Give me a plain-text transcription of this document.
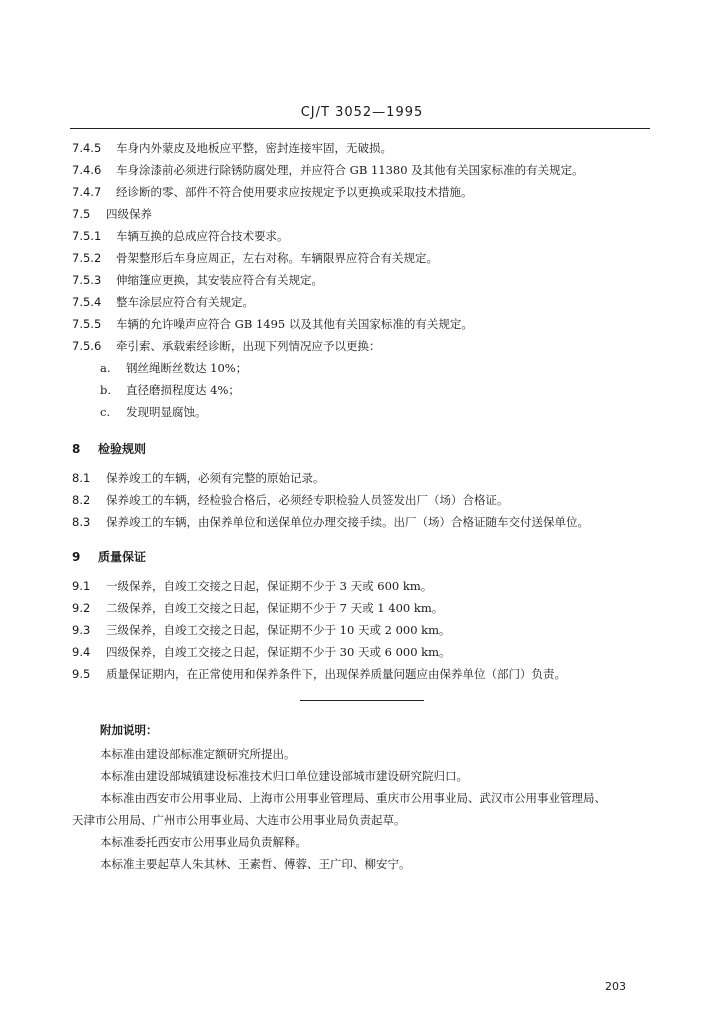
CJ/T 3052—1995
7.4.5 车身内外蒙皮及地板应平整，密封连接牢固，无破损。
7.4.6 车身涂漆前必须进行除锈防腐处理，并应符合 GB 11380 及其他有关国家标准的有关规定。
7.4.7 经诊断的零、部件不符合使用要求应按规定予以更换或采取技术措施。
7.5 四级保养
7.5.1 车辆互换的总成应符合技术要求。
7.5.2 骨架整形后车身应周正，左右对称。车辆限界应符合有关规定。
7.5.3 伸缩篷应更换，其安装应符合有关规定。
7.5.4 整车涂层应符合有关规定。
7.5.5 车辆的允许噪声应符合 GB 1495 以及其他有关国家标准的有关规定。
7.5.6 牵引索、承载索经诊断，出现下列情况应予以更换：
a. 钢丝绳断丝数达 10%；
b. 直径磨损程度达 4%；
c. 发现明显腐蚀。
8 检验规则
8.1 保养竣工的车辆，必须有完整的原始记录。
8.2 保养竣工的车辆，经检验合格后，必须经专职检验人员签发出厂（场）合格证。
8.3 保养竣工的车辆，由保养单位和送保单位办理交接手续。出厂（场）合格证随车交付送保单位。
9 质量保证
9.1 一级保养，自竣工交接之日起，保证期不少于 3 天或 600 km。
9.2 二级保养，自竣工交接之日起，保证期不少于 7 天或 1 400 km。
9.3 三级保养，自竣工交接之日起，保证期不少于 10 天或 2 000 km。
9.4 四级保养，自竣工交接之日起，保证期不少于 30 天或 6 000 km。
9.5 质量保证期内，在正常使用和保养条件下，出现保养质量问题应由保养单位（部门）负责。
附加说明：
本标准由建设部标准定额研究所提出。
本标准由建设部城镇建设标准技术归口单位建设部城市建设研究院归口。
本标准由西安市公用事业局、上海市公用事业管理局、重庆市公用事业局、武汉市公用事业管理局、
天津市公用局、广州市公用事业局、大连市公用事业局负责起草。
本标准委托西安市公用事业局负责解释。
本标准主要起草人朱其林、王素哲、傅蓉、王广印、柳安宁。
203
